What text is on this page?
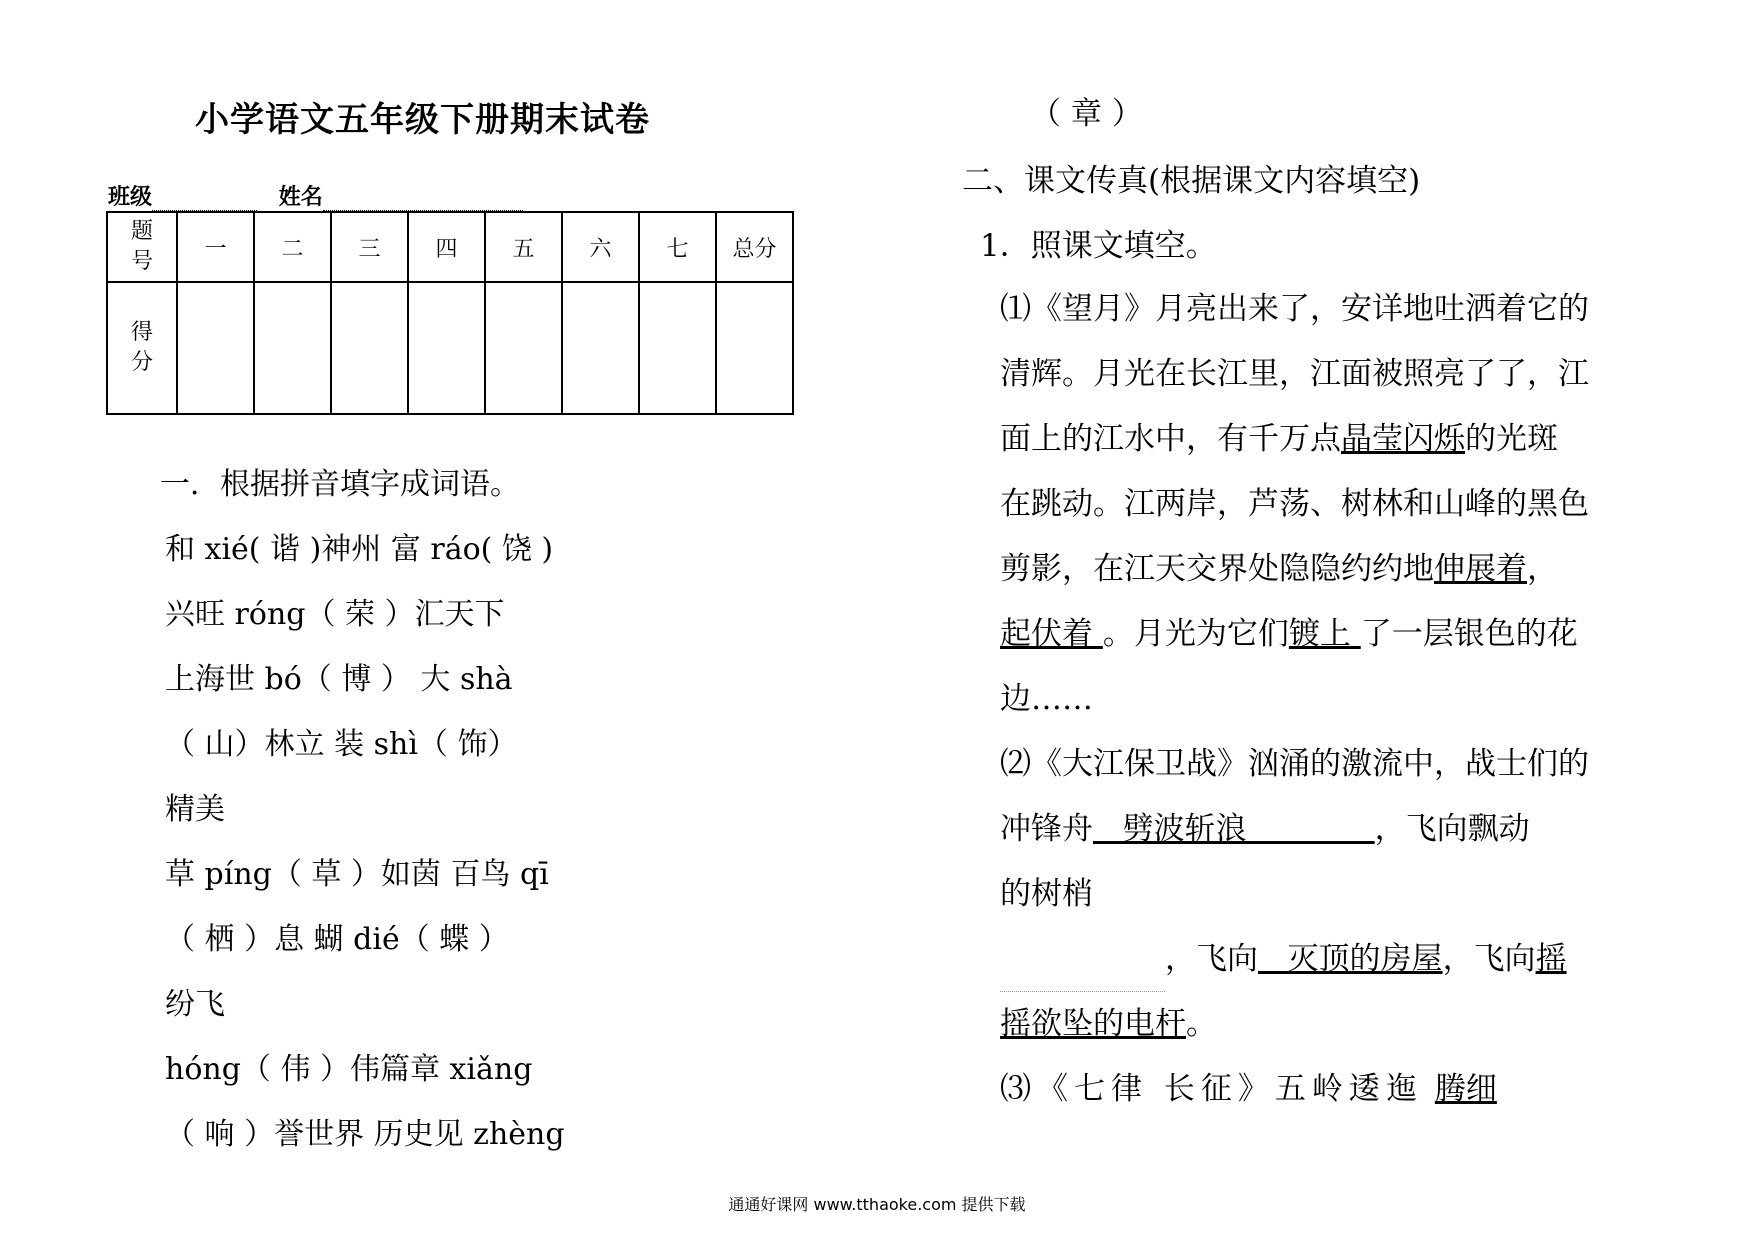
小学语文五年级下册期末试卷
班级	姓名
题号	一	二	三	四	五	六	七	总分
得分								
一．根据拼音填字成词语。
和 xié( 谐 )神州 富 ráo( 饶 )
兴旺 róng（ 荣 ）汇天下
上海世 bó（ 博 ） 大 shà
（ 山）林立 装 shì（ 饰）
精美
草 píng（ 草 ）如茵 百鸟 qī
（ 栖 ）息 蝴 dié（ 蝶 ）
纷飞
hóng（ 伟 ）伟篇章 xiǎng
（ 响 ）誉世界 历史见 zhèng
（ 章 ）
二、课文传真(根据课文内容填空)
1．照课文填空。
⑴《望月》月亮出来了，安详地吐洒着它的
清辉。月光在长江里，江面被照亮了了，江
面上的江水中，有千万点晶莹闪烁的光斑
在跳动。江两岸，芦荡、树林和山峰的黑色
剪影，在江天交界处隐隐约约地伸展着，
起伏着 。月光为它们镀上 了一层银色的花
边……
⑵《大江保卫战》汹涌的激流中，战士们的
冲锋舟   劈波斩浪             ，飞向飘动
的树梢
，飞向   灭顶的房屋，飞向摇
摇欲坠的电杆。
⑶《七律 长征》五岭逶迤 腾细
通通好课网 www.tthaoke.com 提供下载
